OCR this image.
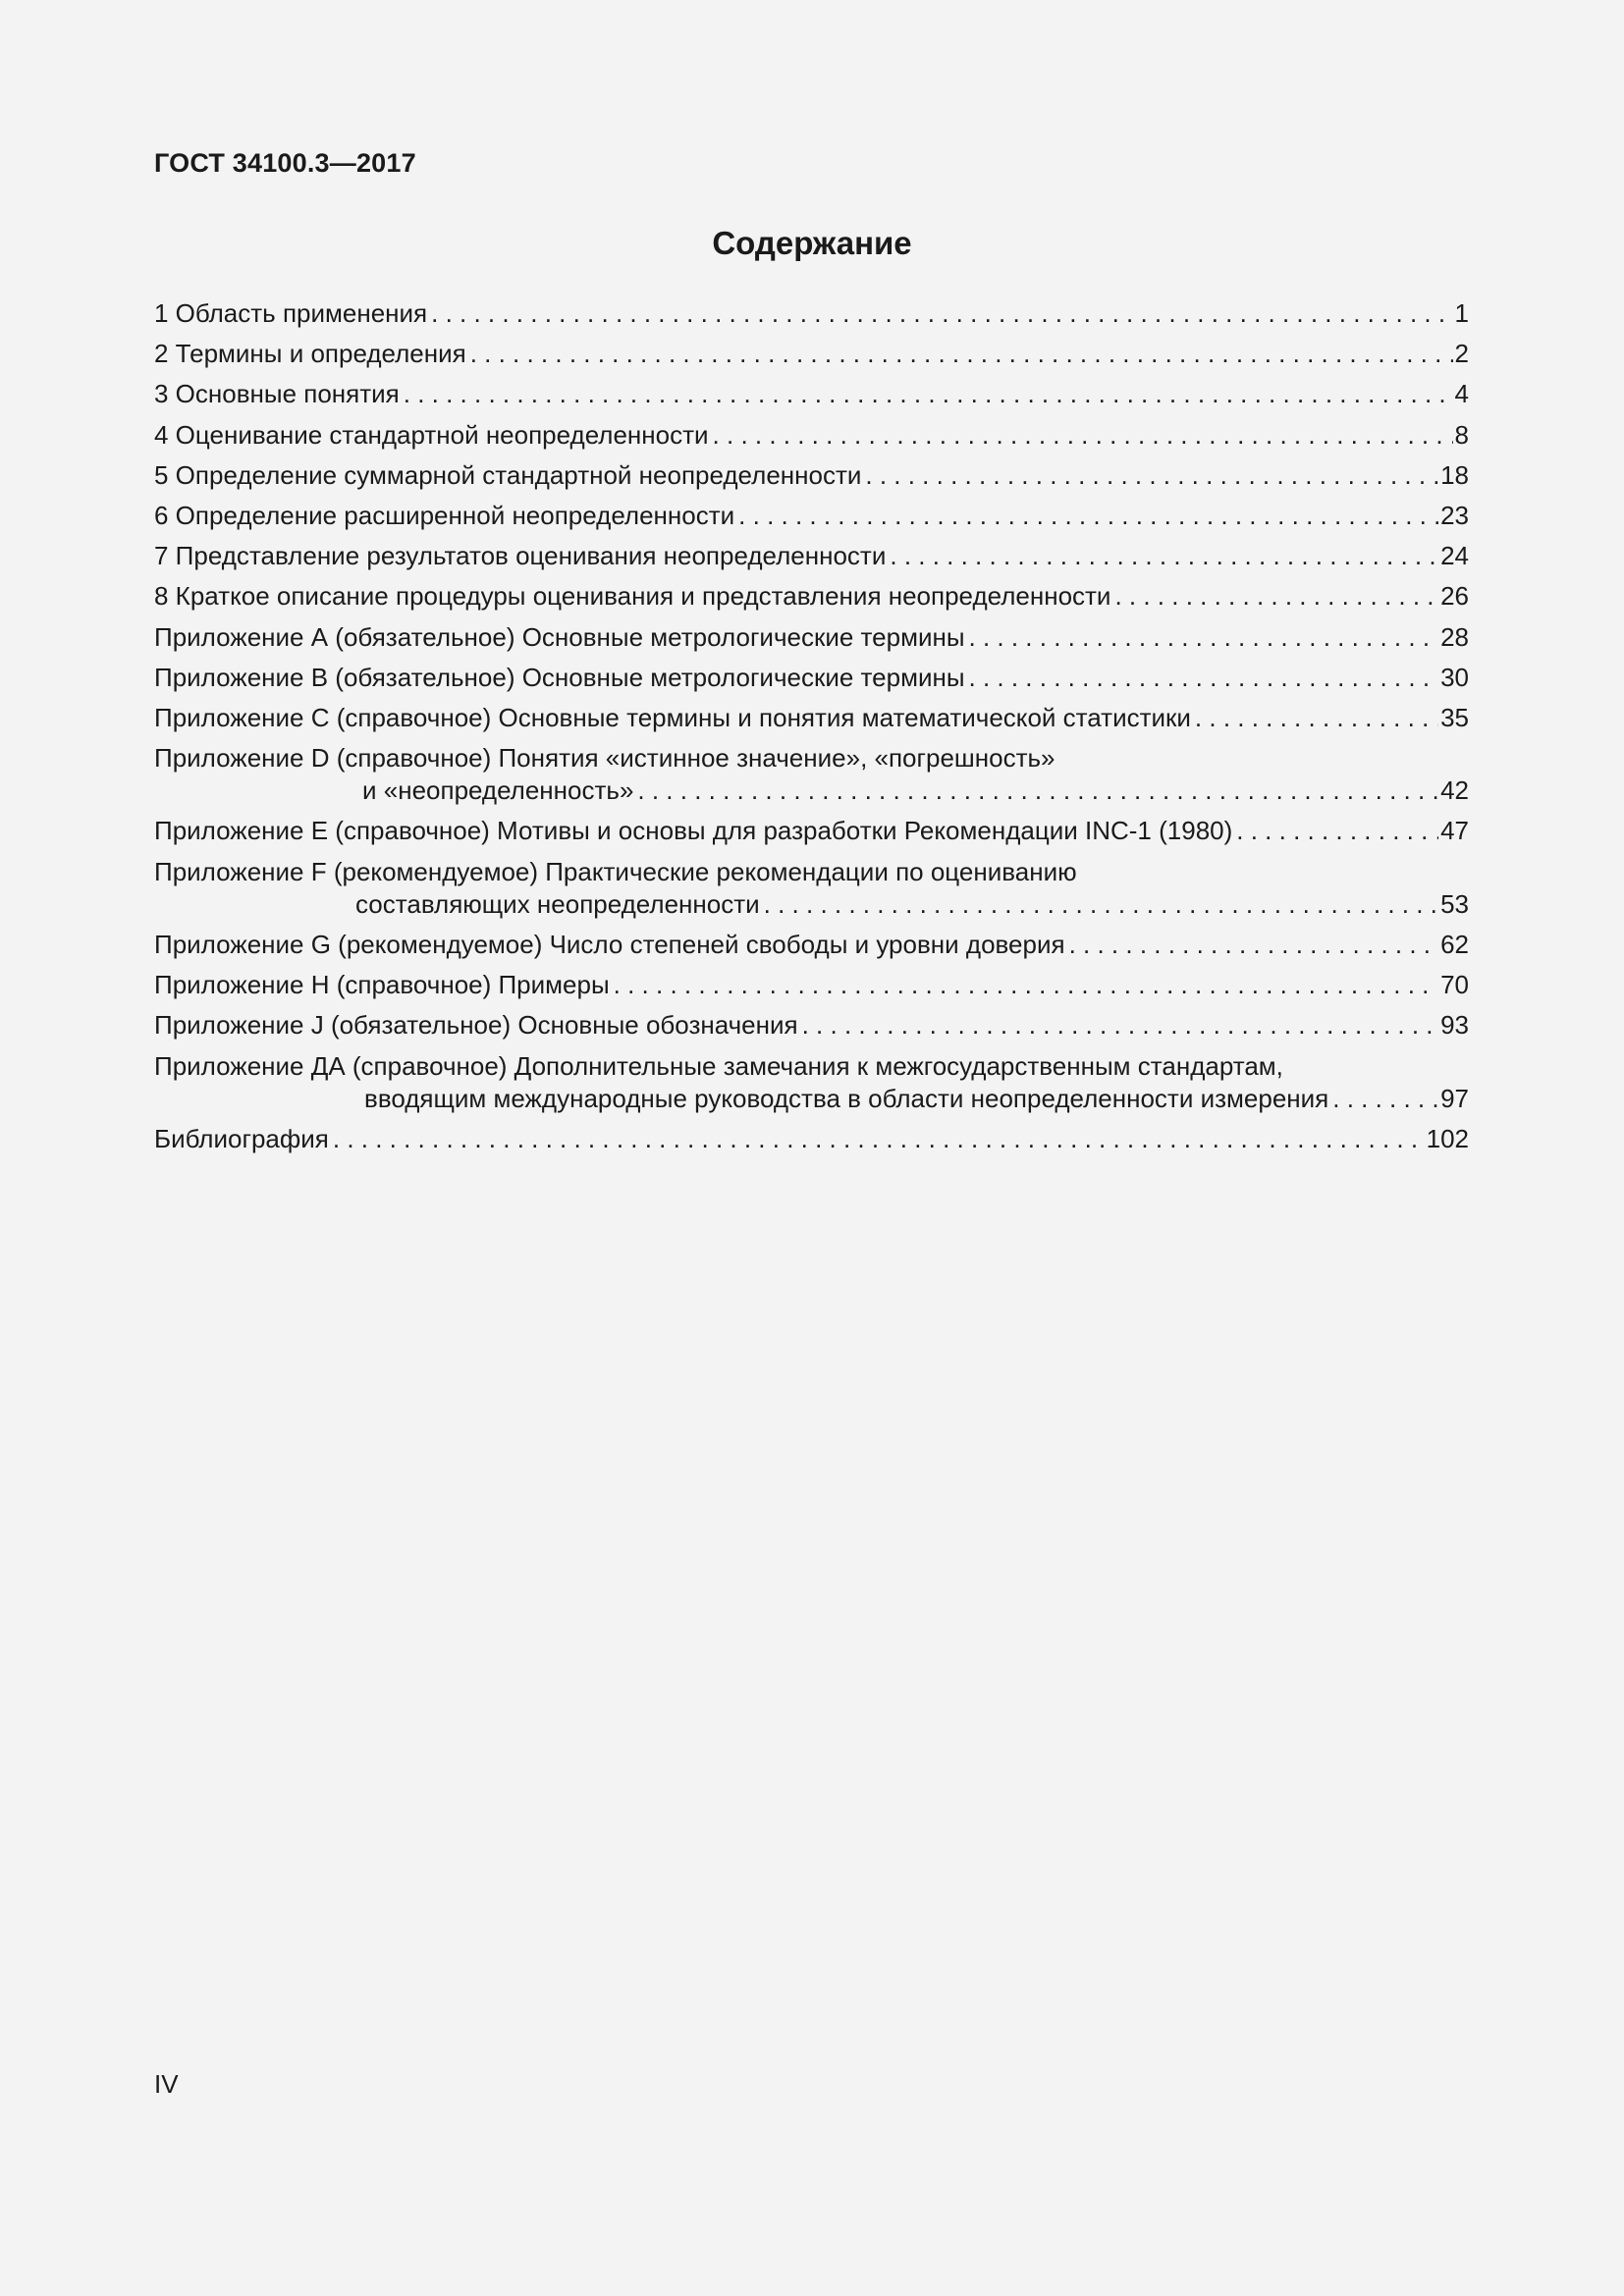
ГОСТ 34100.3—2017
Содержание
1 Область применения . . .	1
2 Термины и определения . . .	2
3 Основные понятия . . .	4
4 Оценивание стандартной неопределенности . . .	8
5 Определение суммарной стандартной неопределенности . . .	18
6 Определение расширенной неопределенности . . .	23
7 Представление результатов оценивания неопределенности . . .	24
8 Краткое описание процедуры оценивания и представления неопределенности . . .	26
Приложение А (обязательное) Основные метрологические термины . . .	28
Приложение В (обязательное) Основные метрологические термины . . .	30
Приложение С (справочное) Основные термины и понятия математической статистики . . .	35
Приложение D (справочное) Понятия «истинное значение», «погрешность»
и «неопределенность» . . .	42
Приложение E (справочное) Мотивы и основы для разработки Рекомендации INC-1 (1980) . . .	47
Приложение F (рекомендуемое) Практические рекомендации по оцениванию
составляющих неопределенности . . .	53
Приложение G (рекомендуемое) Число степеней свободы и уровни доверия . . .	62
Приложение H (справочное) Примеры . . .	70
Приложение J (обязательное) Основные обозначения . . .	93
Приложение ДА (справочное) Дополнительные замечания к межгосударственным стандартам,
вводящим международные руководства в области неопределенности измерения . . .	97
Библиография . . .	102
IV
